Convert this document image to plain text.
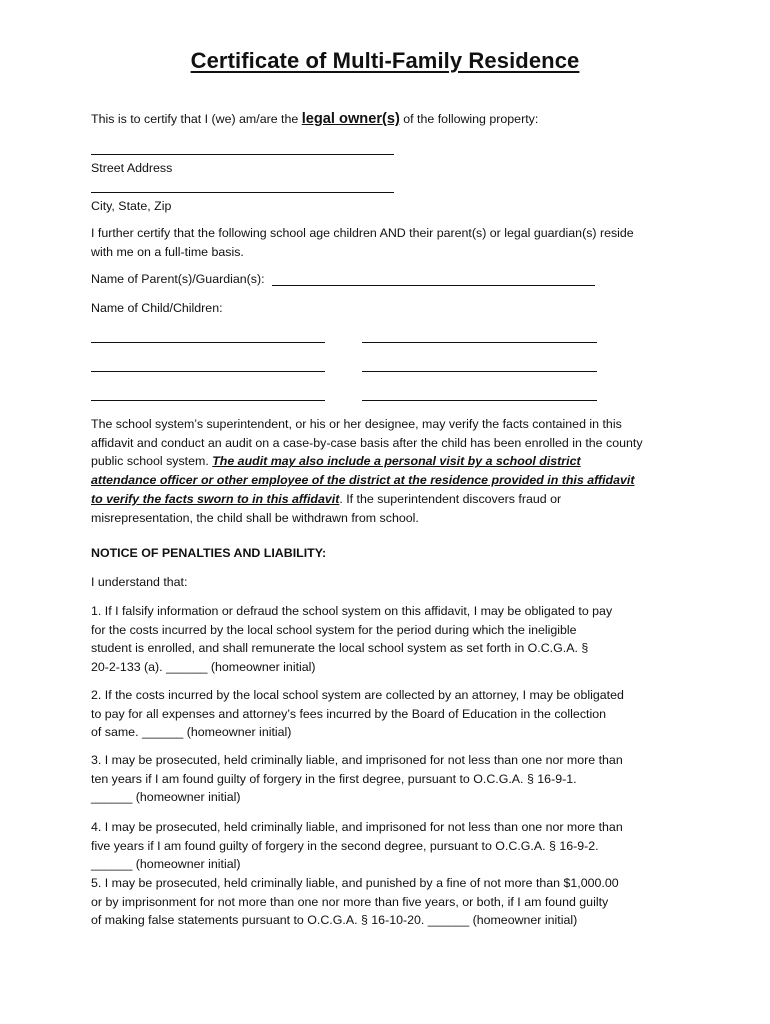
Certificate of Multi-Family Residence
This is to certify that I (we) am/are the legal owner(s) of the following property:
Street Address
City, State, Zip
I further certify that the following school age children AND their parent(s) or legal guardian(s) reside
with me on a full-time basis.
Name of Parent(s)/Guardian(s):
Name of Child/Children:
The school system’s superintendent, or his or her designee, may verify the facts contained in this
affidavit and conduct an audit on a case-by-case basis after the child has been enrolled in the county
public school system. The audit may also include a personal visit by a school district
attendance officer or other employee of the district at the residence provided in this affidavit
to verify the facts sworn to in this affidavit. If the superintendent discovers fraud or
misrepresentation, the child shall be withdrawn from school.
NOTICE OF PENALTIES AND LIABILITY:
I understand that:
1. If I falsify information or defraud the school system on this affidavit, I may be obligated to pay
for the costs incurred by the local school system for the period during which the ineligible
student is enrolled, and shall remunerate the local school system as set forth in O.C.G.A. §
20-2-133 (a). ______ (homeowner initial)
2. If the costs incurred by the local school system are collected by an attorney, I may be obligated
to pay for all expenses and attorney’s fees incurred by the Board of Education in the collection
of same. ______ (homeowner initial)
3. I may be prosecuted, held criminally liable, and imprisoned for not less than one nor more than
ten years if I am found guilty of forgery in the first degree, pursuant to O.C.G.A. § 16-9-1.
______ (homeowner initial)
4. I may be prosecuted, held criminally liable, and imprisoned for not less than one nor more than
five years if I am found guilty of forgery in the second degree, pursuant to O.C.G.A. § 16-9-2.
______ (homeowner initial)
5. I may be prosecuted, held criminally liable, and punished by a fine of not more than $1,000.00
or by imprisonment for not more than one nor more than five years, or both, if I am found guilty
of making false statements pursuant to O.C.G.A. § 16-10-20. ______ (homeowner initial)
